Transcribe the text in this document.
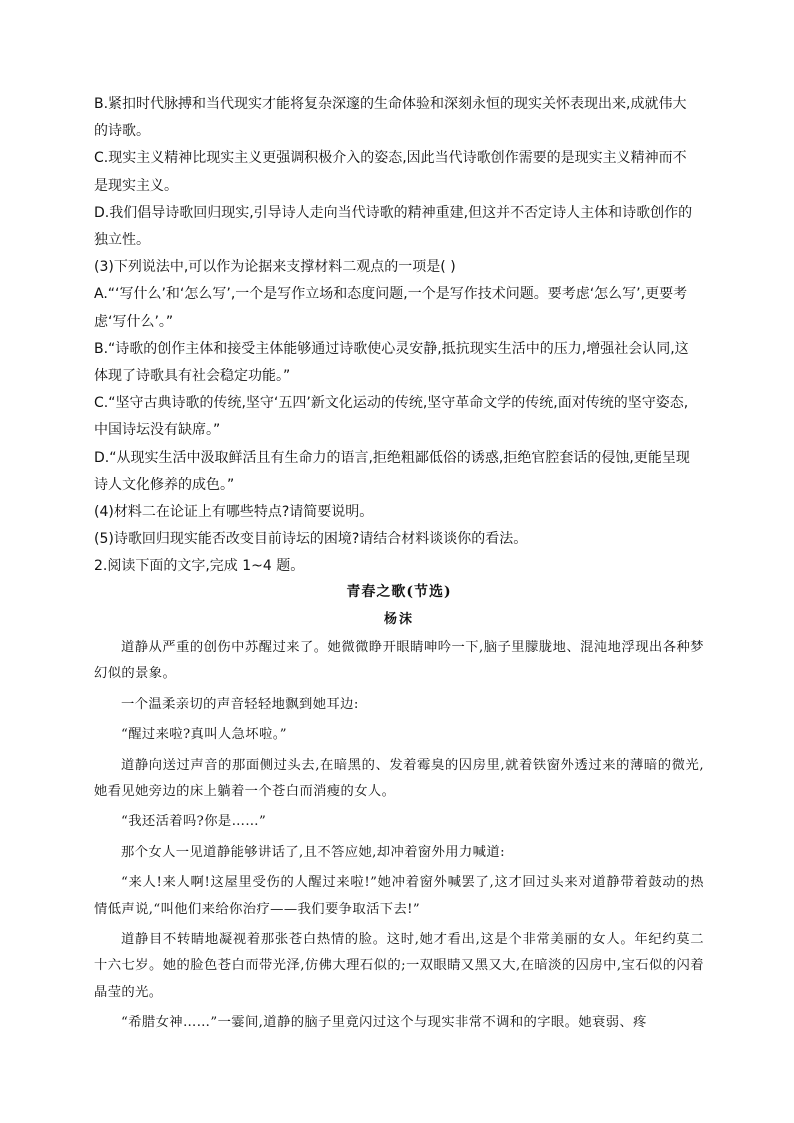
B.紧扣时代脉搏和当代现实才能将复杂深邃的生命体验和深刻永恒的现实关怀表现出来,成就伟大

的诗歌。

C.现实主义精神比现实主义更强调积极介入的姿态,因此当代诗歌创作需要的是现实主义精神而不

是现实主义。

D.我们倡导诗歌回归现实,引导诗人走向当代诗歌的精神重建,但这并不否定诗人主体和诗歌创作的

独立性。

(3)下列说法中,可以作为论据来支撑材料二观点的一项是( )

A.“‘写什么’和‘怎么写’,一个是写作立场和态度问题,一个是写作技术问题。要考虑‘怎么写’,更要考

虑‘写什么’。”

B.“诗歌的创作主体和接受主体能够通过诗歌使心灵安静,抵抗现实生活中的压力,增强社会认同,这

体现了诗歌具有社会稳定功能。”

C.“坚守古典诗歌的传统,坚守‘五四’新文化运动的传统,坚守革命文学的传统,面对传统的坚守姿态,

中国诗坛没有缺席。”

D.“从现实生活中汲取鲜活且有生命力的语言,拒绝粗鄙低俗的诱惑,拒绝官腔套话的侵蚀,更能呈现

诗人文化修养的成色。”

(4)材料二在论证上有哪些特点?请简要说明。

(5)诗歌回归现实能否改变目前诗坛的困境?请结合材料谈谈你的看法。

2.阅读下面的文字,完成 1~4 题。

青春之歌(节选)
杨沫

道静从严重的创伤中苏醒过来了。她微微睁开眼睛呻吟一下,脑子里朦胧地、混沌地浮现出各种梦幻似的景象。

一个温柔亲切的声音轻轻地飘到她耳边:

“醒过来啦?真叫人急坏啦。”

道静向送过声音的那面侧过头去,在暗黑的、发着霉臭的囚房里,就着铁窗外透过来的薄暗的微光,她看见她旁边的床上躺着一个苍白而消瘦的女人。

“我还活着吗?你是……”

那个女人一见道静能够讲话了,且不答应她,却冲着窗外用力喊道:

“来人!来人啊!这屋里受伤的人醒过来啦!”她冲着窗外喊罢了,这才回过头来对道静带着鼓动的热情低声说,“叫他们来给你治疗——我们要争取活下去!”

道静目不转睛地凝视着那张苍白热情的脸。这时,她才看出,这是个非常美丽的女人。年纪约莫二十六七岁。她的脸色苍白而带光泽,仿佛大理石似的;一双眼睛又黑又大,在暗淡的囚房中,宝石似的闪着晶莹的光。

“希腊女神……”一霎间,道静的脑子里竟闪过这个与现实非常不调和的字眼。她衰弱、疼
